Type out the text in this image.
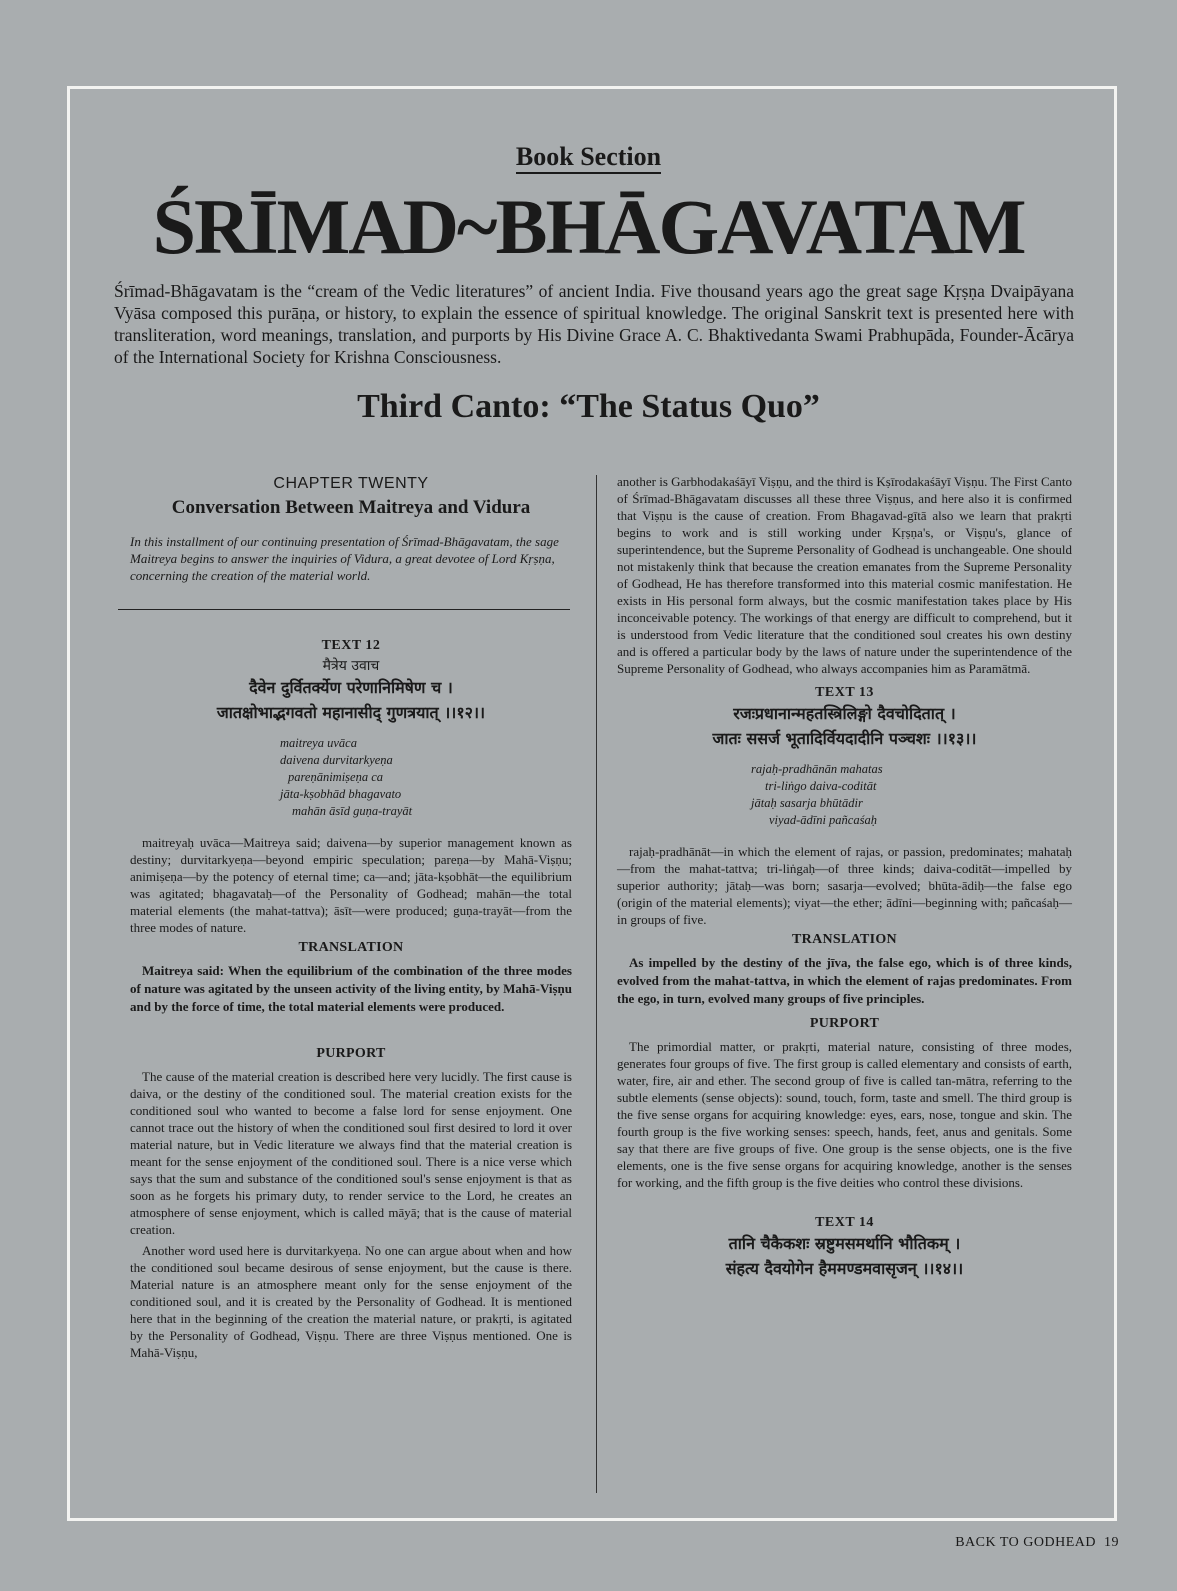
Book Section
ŚRĪMAD~BHĀGAVATAM
Śrīmad-Bhāgavatam is the “cream of the Vedic literatures” of ancient India. Five thousand years ago the great sage Kṛṣṇa Dvaipāyana Vyāsa composed this purāṇa, or history, to explain the essence of spiritual knowledge. The original Sanskrit text is presented here with transliteration, word meanings, translation, and purports by His Divine Grace A. C. Bhaktivedanta Swami Prabhupāda, Founder-Ācārya of the International Society for Krishna Consciousness.
Third Canto: “The Status Quo”
CHAPTER TWENTY
Conversation Between Maitreya and Vidura
In this installment of our continuing presentation of Śrīmad-Bhāgavatam, the sage Maitreya begins to answer the inquiries of Vidura, a great devotee of Lord Kṛṣṇa, concerning the creation of the material world.
TEXT 12
मैत्रेय उवाच
दैवेन दुर्वितर्क्येण परेणानिमिषेण च ।
जातक्षोभाद्भगवतो महानासीद् गुणत्रयात् ।।१२।।
maitreya uvāca
daivena durvitarkyeṇa
pareṇānimiṣeṇa ca
jāta-kṣobhād bhagavato
mahān āsīd guṇa-trayāt

maitreyaḥ uvāca—Maitreya said; daivena—by superior management known as destiny; durvitarkyeṇa—beyond empiric speculation; pareṇa—by Mahā-Viṣṇu; animiṣeṇa—by the potency of eternal time; ca—and; jāta-kṣobhāt—the equilibrium was agitated; bhagavataḥ—of the Personality of Godhead; mahān—the total material elements (the mahat-tattva); āsīt—were produced; guṇa-trayāt—from the three modes of nature.

TRANSLATION
Maitreya said: When the equilibrium of the combination of the three modes of nature was agitated by the unseen activity of the living entity, by Mahā-Viṣṇu and by the force of time, the total material elements were produced.
PURPORT

The cause of the material creation is described here very lucidly. The first cause is daiva, or the destiny of the conditioned soul. The material creation exists for the conditioned soul who wanted to become a false lord for sense enjoyment. One cannot trace out the history of when the conditioned soul first desired to lord it over material nature, but in Vedic literature we always find that the material creation is meant for the sense enjoyment of the conditioned soul. There is a nice verse which says that the sum and substance of the conditioned soul's sense enjoyment is that as soon as he forgets his primary duty, to render service to the Lord, he creates an atmosphere of sense enjoyment, which is called māyā; that is the cause of material creation.

Another word used here is durvitarkyeṇa. No one can argue about when and how the conditioned soul became desirous of sense enjoyment, but the cause is there. Material nature is an atmosphere meant only for the sense enjoyment of the conditioned soul, and it is created by the Personality of Godhead. It is mentioned here that in the beginning of the creation the material nature, or prakṛti, is agitated by the Personality of Godhead, Viṣṇu. There are three Viṣṇus mentioned. One is Mahā-Viṣṇu,

another is Garbhodakaśāyī Viṣṇu, and the third is Kṣīrodakaśāyī Viṣṇu. The First Canto of Śrīmad-Bhāgavatam discusses all these three Viṣṇus, and here also it is confirmed that Viṣṇu is the cause of creation. From Bhagavad-gītā also we learn that prakṛti begins to work and is still working under Kṛṣṇa's, or Viṣṇu's, glance of superintendence, but the Supreme Personality of Godhead is unchangeable. One should not mistakenly think that because the creation emanates from the Supreme Personality of Godhead, He has therefore transformed into this material cosmic manifestation. He exists in His personal form always, but the cosmic manifestation takes place by His inconceivable potency. The workings of that energy are difficult to comprehend, but it is understood from Vedic literature that the conditioned soul creates his own destiny and is offered a particular body by the laws of nature under the superintendence of the Supreme Personality of Godhead, who always accompanies him as Paramātmā.

TEXT 13
रजःप्रधानान्महतस्त्रिलिङ्गो दैवचोदितात् ।
जातः ससर्ज भूतादिर्वियदादीनि पञ्चशः ।।१३।।
rajaḥ-pradhānān mahatas
tri-liṅgo daiva-coditāt
jātaḥ sasarja bhūtādir
viyad-ādīni pañcaśaḥ

rajaḥ-pradhānāt—in which the element of rajas, or passion, predominates; mahataḥ—from the mahat-tattva; tri-liṅgaḥ—of three kinds; daiva-coditāt—impelled by superior authority; jātaḥ—was born; sasarja—evolved; bhūta-ādiḥ—the false ego (origin of the material elements); viyat—the ether; ādīni—beginning with; pañcaśaḥ—in groups of five.

TRANSLATION
As impelled by the destiny of the jīva, the false ego, which is of three kinds, evolved from the mahat-tattva, in which the element of rajas predominates. From the ego, in turn, evolved many groups of five principles.
PURPORT

The primordial matter, or prakṛti, material nature, consisting of three modes, generates four groups of five. The first group is called elementary and consists of earth, water, fire, air and ether. The second group of five is called tan-mātra, referring to the subtle elements (sense objects): sound, touch, form, taste and smell. The third group is the five sense organs for acquiring knowledge: eyes, ears, nose, tongue and skin. The fourth group is the five working senses: speech, hands, feet, anus and genitals. Some say that there are five groups of five. One group is the sense objects, one is the five elements, one is the five sense organs for acquiring knowledge, another is the senses for working, and the fifth group is the five deities who control these divisions.

TEXT 14
तानि चैकैकशः स्रष्टुमसमर्थानि भौतिकम् ।
संहत्य दैवयोगेन हैममण्डमवासृजन् ।।१४।।
BACK TO GODHEAD 19
